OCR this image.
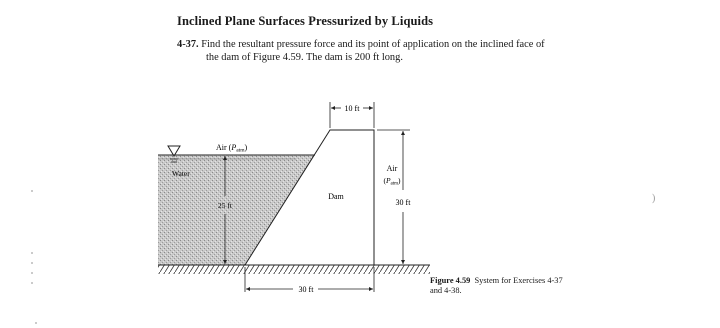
Inclined Plane Surfaces Pressurized by Liquids
4-37. Find the resultant pressure force and its point of application on the inclined face of
the dam of Figure 4.59. The dam is 200 ft long.
10 ft
30 ft
25 ft
30 ft
Air (Patm)
Water
Dam
Air
$(P_{atm})$
Figure 4.59 System for Exercises 4-37
and 4-38.
)
